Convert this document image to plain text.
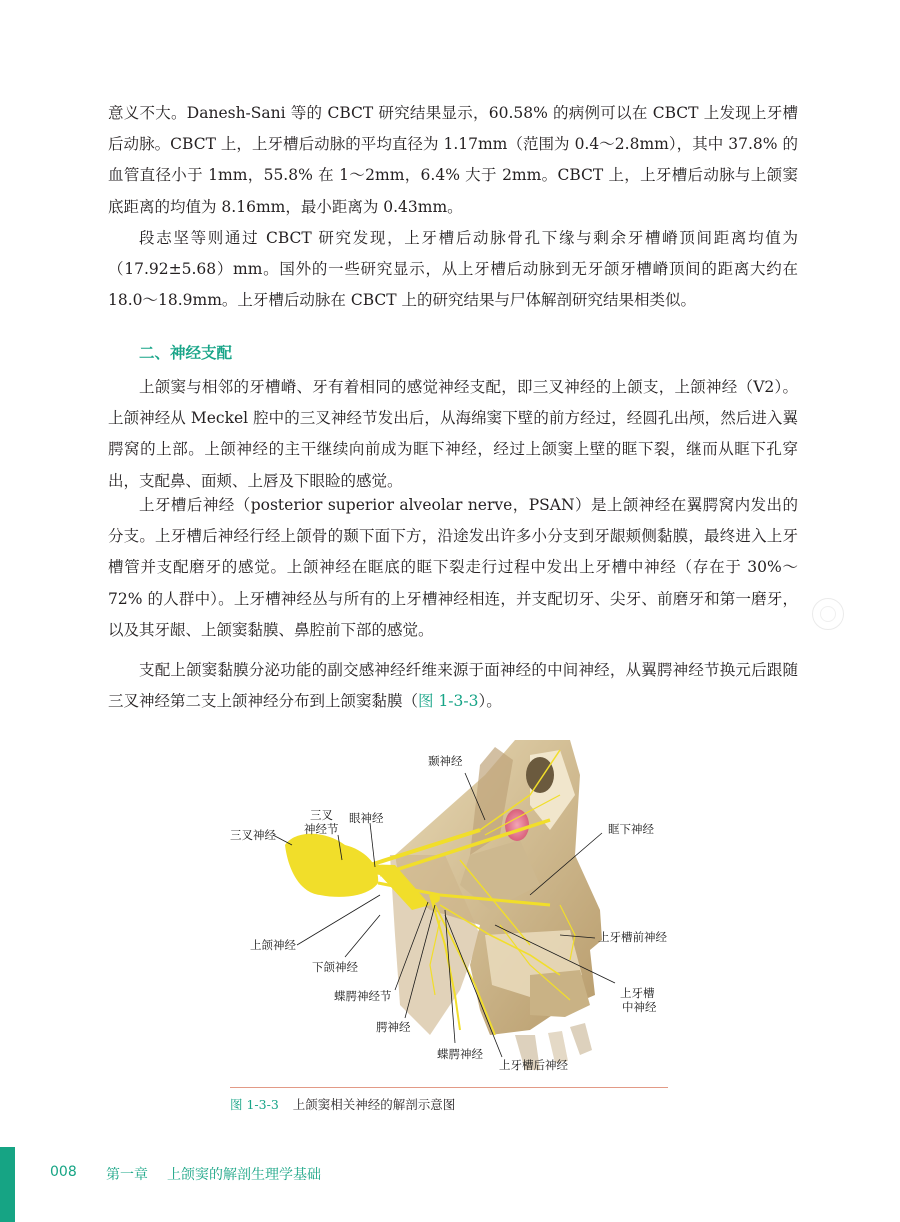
意义不大。Danesh-Sani 等的 CBCT 研究结果显示，60.58% 的病例可以在 CBCT 上发现上牙槽后动脉。CBCT 上，上牙槽后动脉的平均直径为 1.17mm（范围为 0.4～2.8mm），其中 37.8% 的血管直径小于 1mm，55.8% 在 1～2mm，6.4% 大于 2mm。CBCT 上，上牙槽后动脉与上颌窦底距离的均值为 8.16mm，最小距离为 0.43mm。

段志坚等则通过 CBCT 研究发现，上牙槽后动脉骨孔下缘与剩余牙槽嵴顶间距离均值为（17.92±5.68）mm。国外的一些研究显示，从上牙槽后动脉到无牙颌牙槽嵴顶间的距离大约在 18.0～18.9mm。上牙槽后动脉在 CBCT 上的研究结果与尸体解剖研究结果相类似。

二、神经支配

上颌窦与相邻的牙槽嵴、牙有着相同的感觉神经支配，即三叉神经的上颌支，上颌神经（V2）。上颌神经从 Meckel 腔中的三叉神经节发出后，从海绵窦下壁的前方经过，经圆孔出颅，然后进入翼腭窝的上部。上颌神经的主干继续向前成为眶下神经，经过上颌窦上壁的眶下裂，继而从眶下孔穿出，支配鼻、面颊、上唇及下眼睑的感觉。

上牙槽后神经（posterior superior alveolar nerve，PSAN）是上颌神经在翼腭窝内发出的分支。上牙槽后神经行经上颌骨的颞下面下方，沿途发出许多小分支到牙龈颊侧黏膜，最终进入上牙槽管并支配磨牙的感觉。上颌神经在眶底的眶下裂走行过程中发出上牙槽中神经（存在于 30%～72% 的人群中）。上牙槽神经丛与所有的上牙槽神经相连，并支配切牙、尖牙、前磨牙和第一磨牙，以及其牙龈、上颌窦黏膜、鼻腔前下部的感觉。

支配上颌窦黏膜分泌功能的副交感神经纤维来源于面神经的中间神经，从翼腭神经节换元后跟随三叉神经第二支上颌神经分布到上颌窦黏膜（图 1-3-3）。

颞神经
三叉神经
三叉
神经节
眼神经
眶下神经
上颌神经
下颌神经
蝶腭神经节
腭神经
蝶腭神经
上牙槽后神经
上牙槽前神经
上牙槽
中神经
图 1-3-3 上颌窦相关神经的解剖示意图
008 第一章 上颌窦的解剖生理学基础
